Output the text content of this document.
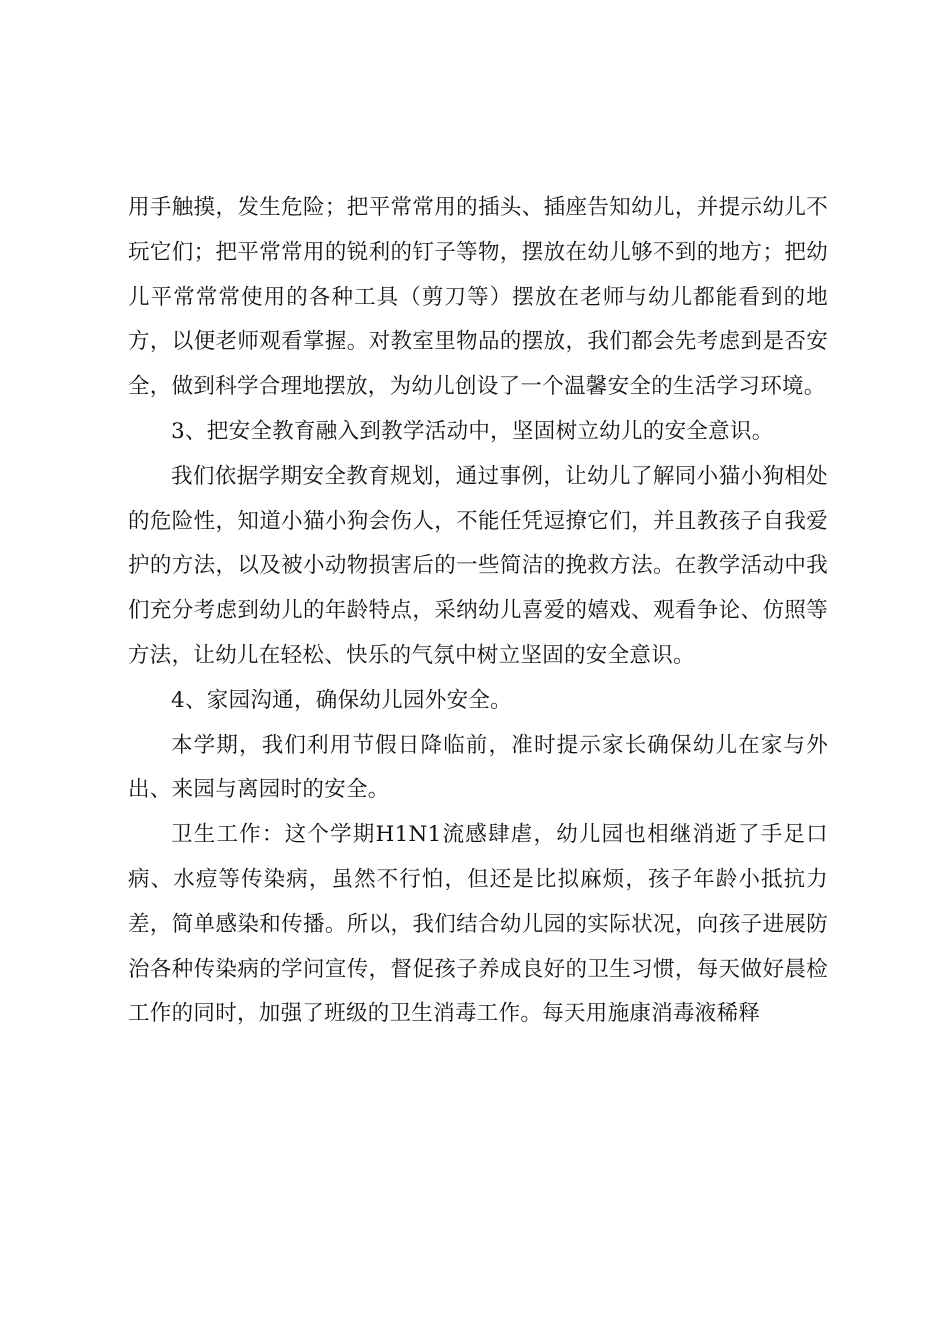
用手触摸，发生危险；把平常常用的插头、插座告知幼儿，并提示幼儿不玩它们；把平常常用的锐利的钉子等物，摆放在幼儿够不到的地方；把幼儿平常常常使用的各种工具（剪刀等）摆放在老师与幼儿都能看到的地方，以便老师观看掌握。对教室里物品的摆放，我们都会先考虑到是否安全，做到科学合理地摆放，为幼儿创设了一个温馨安全的生活学习环境。

3、把安全教育融入到教学活动中，坚固树立幼儿的安全意识。

我们依据学期安全教育规划，通过事例，让幼儿了解同小猫小狗相处的危险性，知道小猫小狗会伤人，不能任凭逗撩它们，并且教孩子自我爱护的方法，以及被小动物损害后的一些简洁的挽救方法。在教学活动中我们充分考虑到幼儿的年龄特点，采纳幼儿喜爱的嬉戏、观看争论、仿照等方法，让幼儿在轻松、快乐的气氛中树立坚固的安全意识。

4、家园沟通，确保幼儿园外安全。

本学期，我们利用节假日降临前，准时提示家长确保幼儿在家与外出、来园与离园时的安全。

卫生工作：这个学期H1N1流感肆虐，幼儿园也相继消逝了手足口病、水痘等传染病，虽然不行怕，但还是比拟麻烦，孩子年龄小抵抗力差，简单感染和传播。所以，我们结合幼儿园的实际状况，向孩子进展防治各种传染病的学问宣传，督促孩子养成良好的卫生习惯，每天做好晨检工作的同时，加强了班级的卫生消毒工作。每天用施康消毒液稀释
